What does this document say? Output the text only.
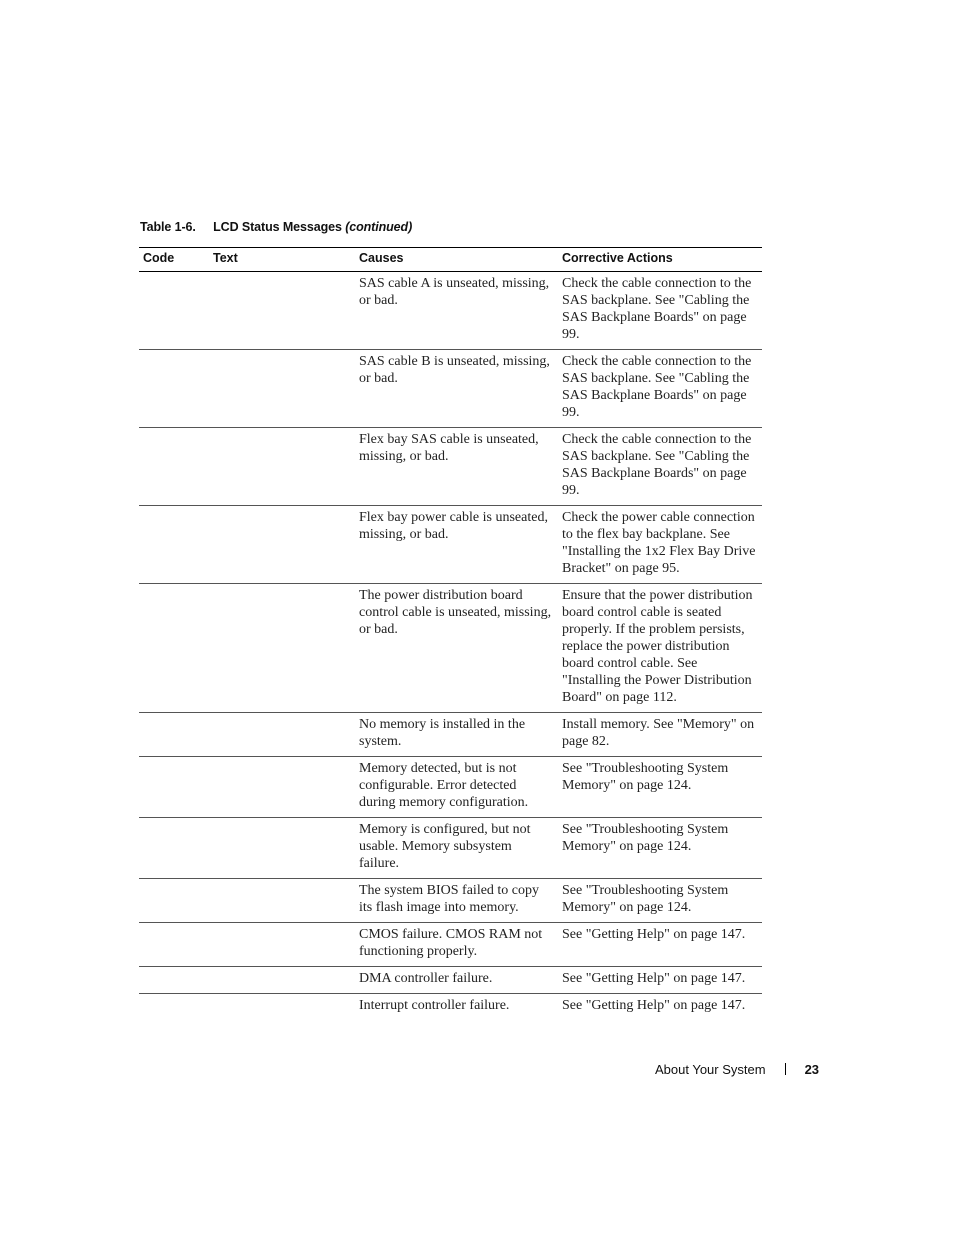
Table 1-6. LCD Status Messages (continued)
Code	Text	Causes	Corrective Actions
		SAS cable A is unseated, missing, or bad.	Check the cable connection to the SAS backplane. See "Cabling the SAS Backplane Boards" on page 99.
		SAS cable B is unseated, missing, or bad.	Check the cable connection to the SAS backplane. See "Cabling the SAS Backplane Boards" on page 99.
		Flex bay SAS cable is unseated, missing, or bad.	Check the cable connection to the SAS backplane. See "Cabling the SAS Backplane Boards" on page 99.
		Flex bay power cable is unseated, missing, or bad.	Check the power cable connection to the flex bay backplane. See "Installing the 1x2 Flex Bay Drive Bracket" on page 95.
		The power distribution board control cable is unseated, missing, or bad.	Ensure that the power distribution board control cable is seated properly. If the problem persists, replace the power distribution board control cable. See "Installing the Power Distribution Board" on page 112.
		No memory is installed in the system.	Install memory. See "Memory" on page 82.
		Memory detected, but is not configurable. Error detected during memory configuration.	See "Troubleshooting System Memory" on page 124.
		Memory is configured, but not usable. Memory subsystem failure.	See "Troubleshooting System Memory" on page 124.
		The system BIOS failed to copy its flash image into memory.	See "Troubleshooting System Memory" on page 124.
		CMOS failure. CMOS RAM not functioning properly.	See "Getting Help" on page 147.
		DMA controller failure.	See "Getting Help" on page 147.
		Interrupt controller failure.	See "Getting Help" on page 147.
About Your System	23
